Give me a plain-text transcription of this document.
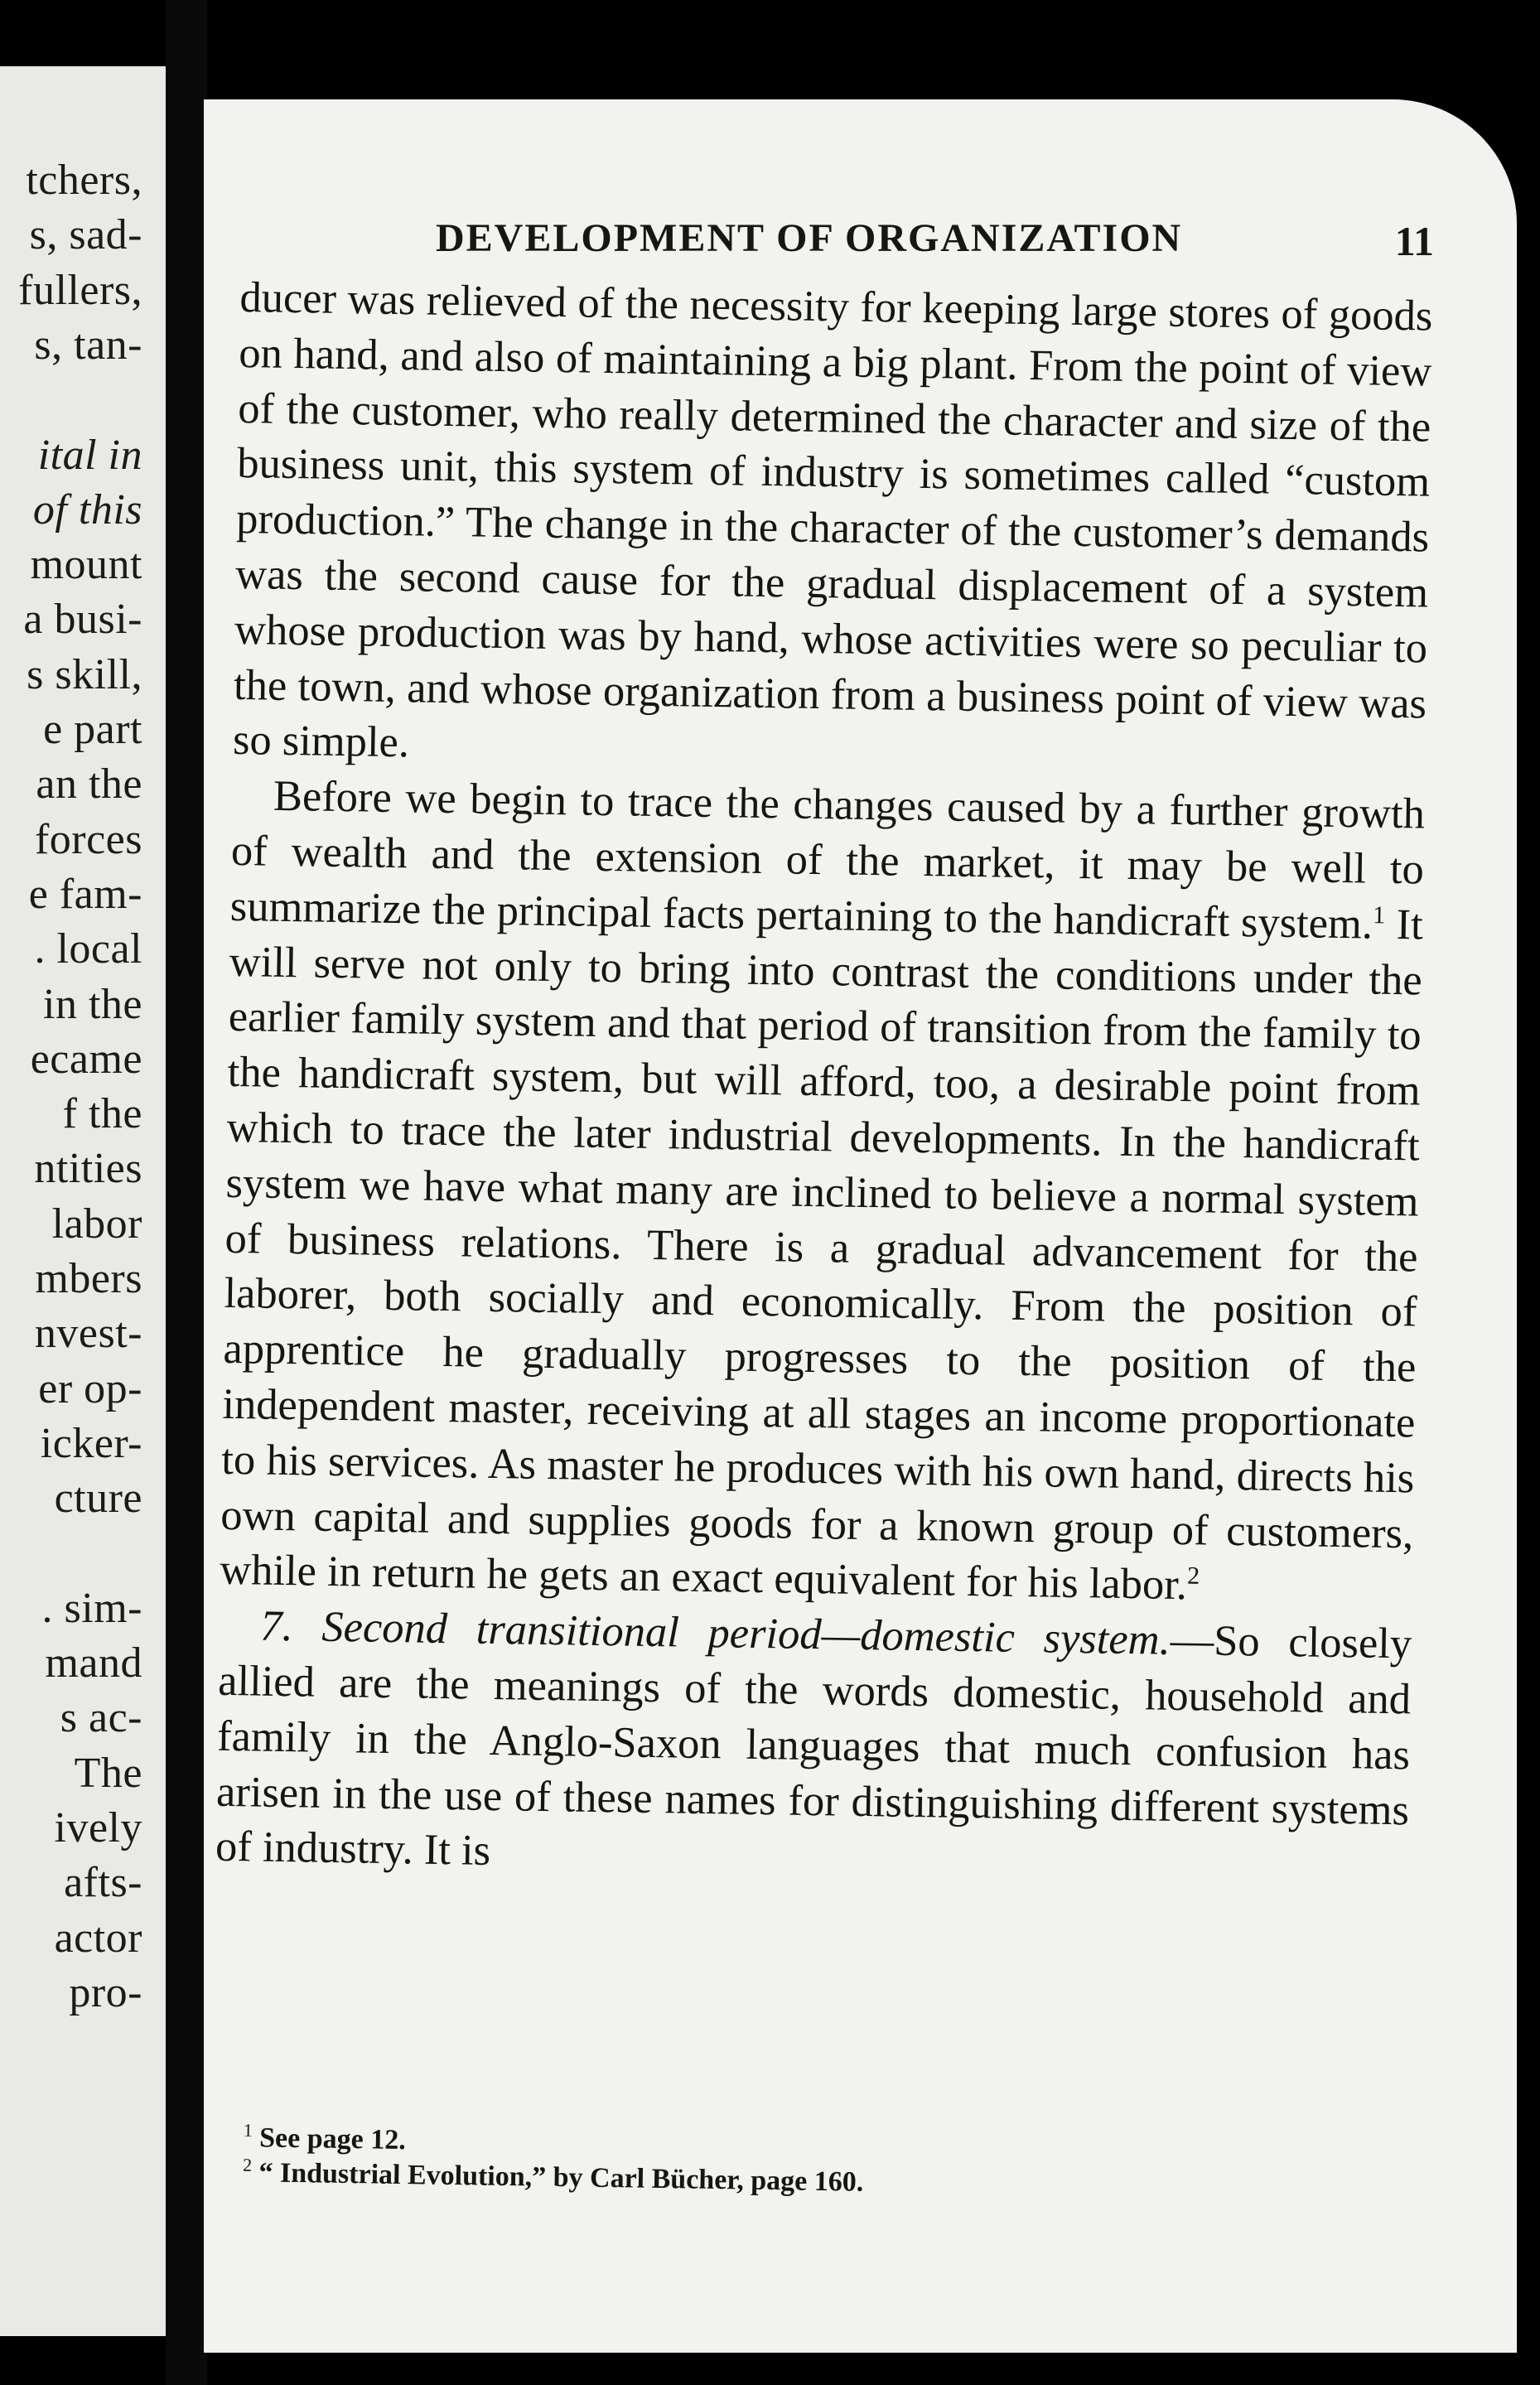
tchers,
s, sad-
fullers,
s, tan-
ital in
of this
mount
a busi-
s skill,
e part
an the
forces
e fam-
. local
in the
ecame
f the
ntities
labor
mbers
nvest-
er op-
icker-
cture
. sim-
mand
s ac-
The
ively
afts-
actor
pro-
DEVELOPMENT OF ORGANIZATION	11

ducer was relieved of the necessity for keeping large stores of goods on hand, and also of maintaining a big plant. From the point of view of the customer, who really determined the character and size of the business unit, this system of industry is sometimes called “custom production.” The change in the character of the customer’s demands was the second cause for the gradual displacement of a system whose production was by hand, whose activities were so peculiar to the town, and whose organization from a business point of view was so simple.

Before we begin to trace the changes caused by a further growth of wealth and the extension of the market, it may be well to summarize the principal facts pertaining to the handicraft system.$^1$ It will serve not only to bring into contrast the conditions under the earlier family system and that period of transition from the family to the handicraft system, but will afford, too, a desirable point from which to trace the later industrial developments. In the handicraft system we have what many are inclined to believe a normal system of business relations. There is a gradual advancement for the laborer, both socially and economically. From the position of apprentice he gradually progresses to the position of the independent master, receiving at all stages an income proportionate to his services. As master he produces with his own hand, directs his own capital and supplies goods for a known group of customers, while in return he gets an exact equivalent for his labor.$^2$

7. Second transitional period—domestic system.—So closely allied are the meanings of the words domestic, household and family in the Anglo-Saxon languages that much confusion has arisen in the use of these names for distinguishing different systems of industry. It is

$^1$ See page 12.

$^2$ “ Industrial Evolution,” by Carl Bücher, page 160.
